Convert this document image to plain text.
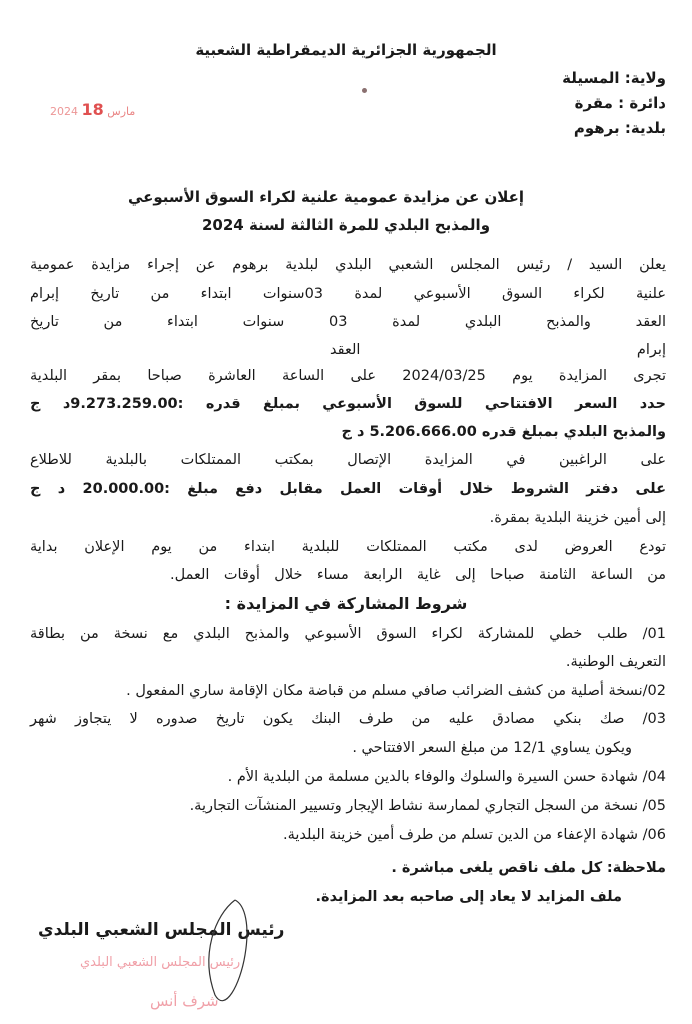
الجمهورية الجزائرية الديمقراطية الشعبية
ولاية: المسيلة
دائرة : مقرة
بلدية: برهوم
2024	مارس 18
إعلان عن مزايدة عمومية علنية لكراء السوق الأسبوعي
والمذبح البلدي للمرة الثالثة لسنة 2024
يعلن السيد / رئيس المجلس الشعبي البلدي لبلدية برهوم عن إجراء مزايدة عمومية
علنية لكراء السوق الأسبوعي لمدة 03سنوات ابتداء من تاريخ إبرام
العقد والمذبح البلدي لمدة 03 سنوات ابتداء من تاريخ
إبرام العقد
تجرى المزايدة يوم 2024/03/25 على الساعة العاشرة صباحا بمقر البلدية
حدد السعر الافتتاحي للسوق الأسبوعي بمبلغ قدره :9.273.259.00د ج
والمذبح البلدي بمبلغ قدره 5.206.666.00 د ج
على الراغبين في المزايدة الإتصال بمكتب الممتلكات بالبلدية للاطلاع
على دفتر الشروط خلال أوقات العمل مقابل دفع مبلغ :20.000.00 د ج
إلى أمين خزينة البلدية بمقرة.
تودع العروض لدى مكتب الممتلكات للبلدية ابتداء من يوم الإعلان بداية
من الساعة الثامنة صباحا إلى غاية الرابعة مساء خلال أوقات العمل.
شروط المشاركة في المزايدة :
01/ طلب خطي للمشاركة لكراء السوق الأسبوعي والمذبح البلدي مع نسخة من بطاقة
التعريف الوطنية.
02/نسخة أصلية من كشف الضرائب صافي مسلم من قباضة مكان الإقامة ساري المفعول .
03/ صك بنكي مصادق عليه من طرف البنك يكون تاريخ صدوره لا يتجاوز شهر
ويكون يساوي 12/1 من مبلغ السعر الافتتاحي .
04/ شهادة حسن السيرة والسلوك والوفاء بالدين مسلمة من البلدية الأم .
05/ نسخة من السجل التجاري لممارسة نشاط الإيجار وتسيير المنشآت التجارية.
06/ شهادة الإعفاء من الدين تسلم من طرف أمين خزينة البلدية.
ملاحظة: كل ملف ناقص يلغى مباشرة .
ملف المزايد لا يعاد إلى صاحبه بعد المزايدة.
رئيس المجلس الشعبي البلدي
رئيس المجلس الشعبي البلدي
شرف أنس
